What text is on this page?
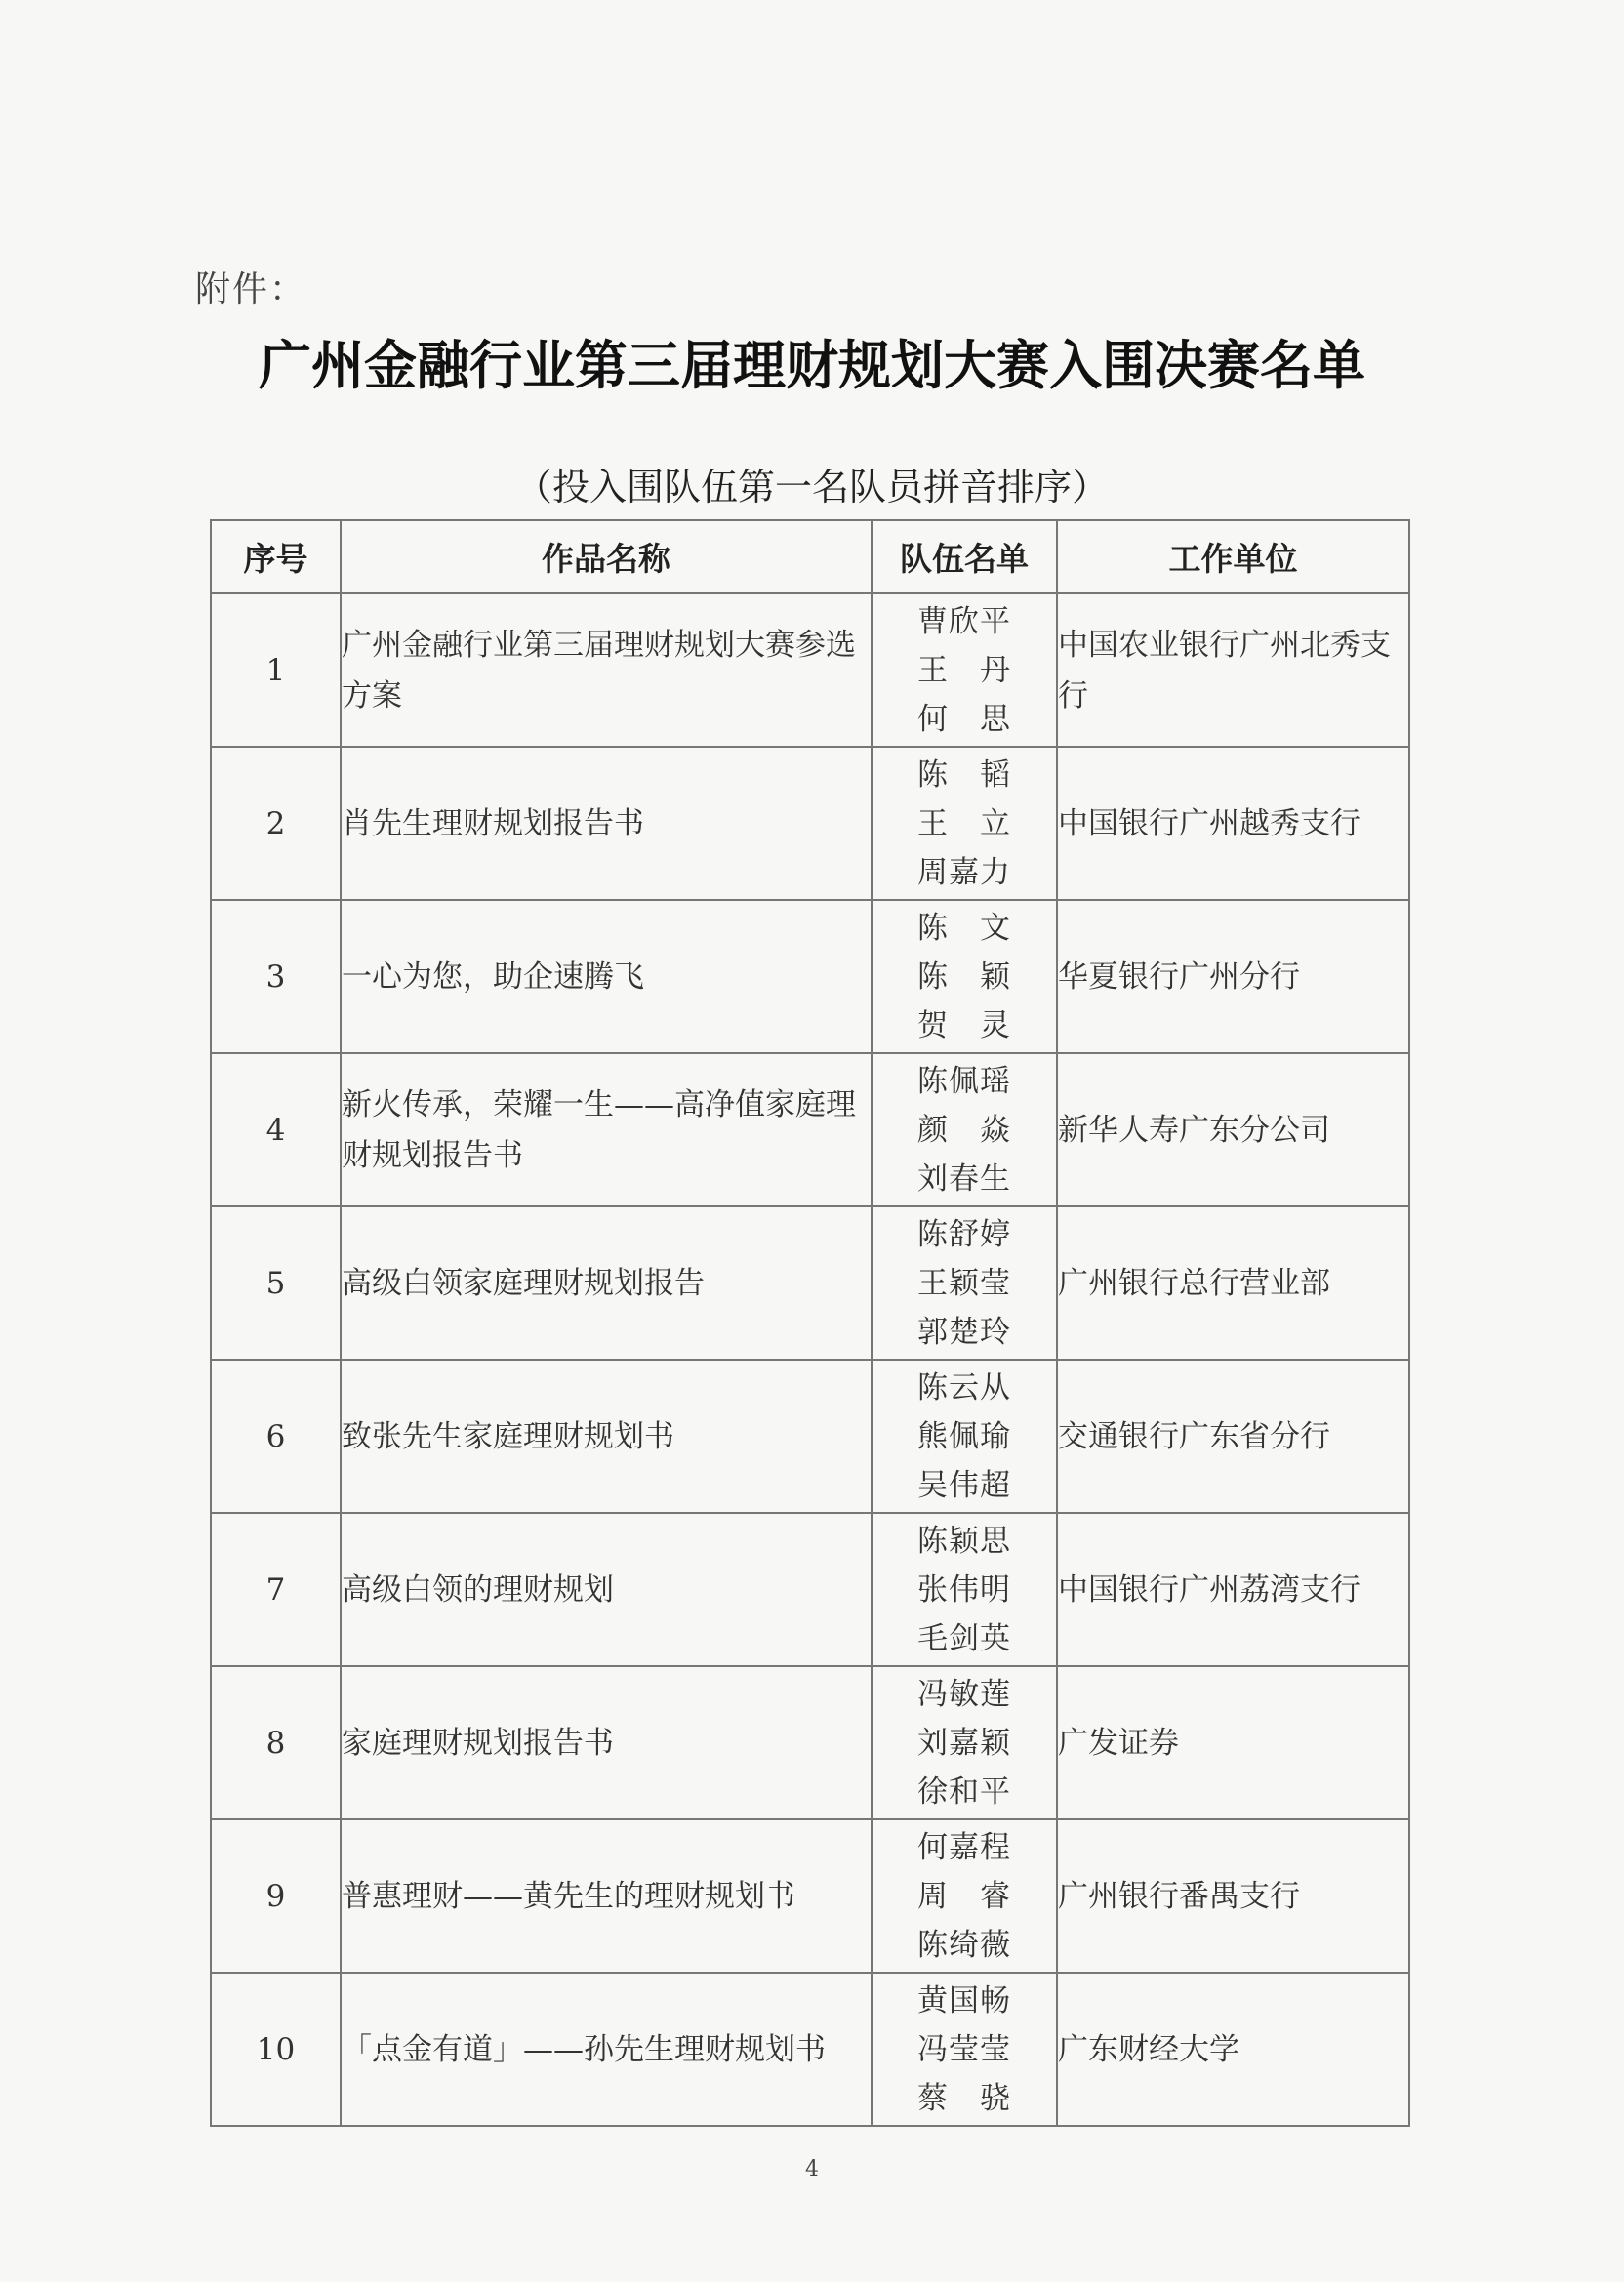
附件：
广州金融行业第三届理财规划大赛入围决赛名单
（投入围队伍第一名队员拼音排序）
序号	作品名称	队伍名单	工作单位
1	广州金融行业第三届理财规划大赛参选方案	曹欣平
王　丹
何　思	中国农业银行广州北秀支行
2	肖先生理财规划报告书	陈　韬
王　立
周嘉力	中国银行广州越秀支行
3	一心为您，助企速腾飞	陈　文
陈　颖
贺　灵	华夏银行广州分行
4	新火传承，荣耀一生——高净值家庭理财规划报告书	陈佩瑶
颜　焱
刘春生	新华人寿广东分公司
5	高级白领家庭理财规划报告	陈舒婷
王颖莹
郭楚玲	广州银行总行营业部
6	致张先生家庭理财规划书	陈云从
熊佩瑜
吴伟超	交通银行广东省分行
7	高级白领的理财规划	陈颖思
张伟明
毛剑英	中国银行广州荔湾支行
8	家庭理财规划报告书	冯敏莲
刘嘉颖
徐和平	广发证券
9	普惠理财——黄先生的理财规划书	何嘉程
周　睿
陈绮薇	广州银行番禺支行
10	「点金有道」——孙先生理财规划书	黄国畅
冯莹莹
蔡　骁	广东财经大学
4
